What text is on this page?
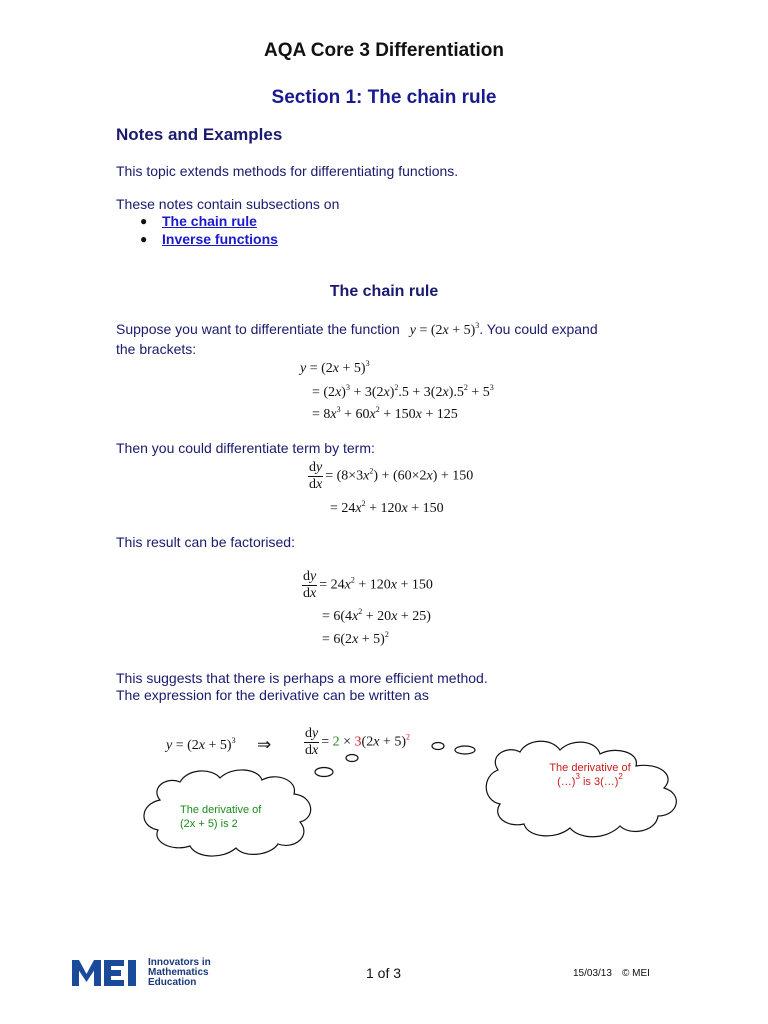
AQA Core 3 Differentiation
Section 1: The chain rule
Notes and Examples
This topic extends methods for differentiating functions.
These notes contain subsections on
●	The chain rule
●	Inverse functions
The chain rule
Suppose you want to differentiate the function $y = (2x + 5)^3$. You could expand
the brackets:
$y = (2x + 5)^3$
= $(2x)^3 + 3(2x)^2.5 + 3(2x).5^2 + 5^3$
= $8x^3 + 60x^2 + 150x + 125$
Then you could differentiate term by term:
$\frac{dy}{dx} = (8\times 3x^2) + (60\times 2x) + 150$
= $24x^2 + 120x + 150$
This result can be factorised:
$\frac{dy}{dx} = 24x^2 + 120x + 150$
= $6(4x^2 + 20x + 25)$
= $6(2x + 5)^2$
This suggests that there is perhaps a more efficient method.
The expression for the derivative can be written as
$y = (2x + 5)^3$ ⇒ $\frac{dy}{dx} = 2 \times 3(2x + 5)^2$
The derivative of
(…)$^3$ is 3(…)$^2$
The derivative of
(2x + 5) is 2
Innovators in
Mathematics
Education
1 of 3	15/03/13 © MEI
